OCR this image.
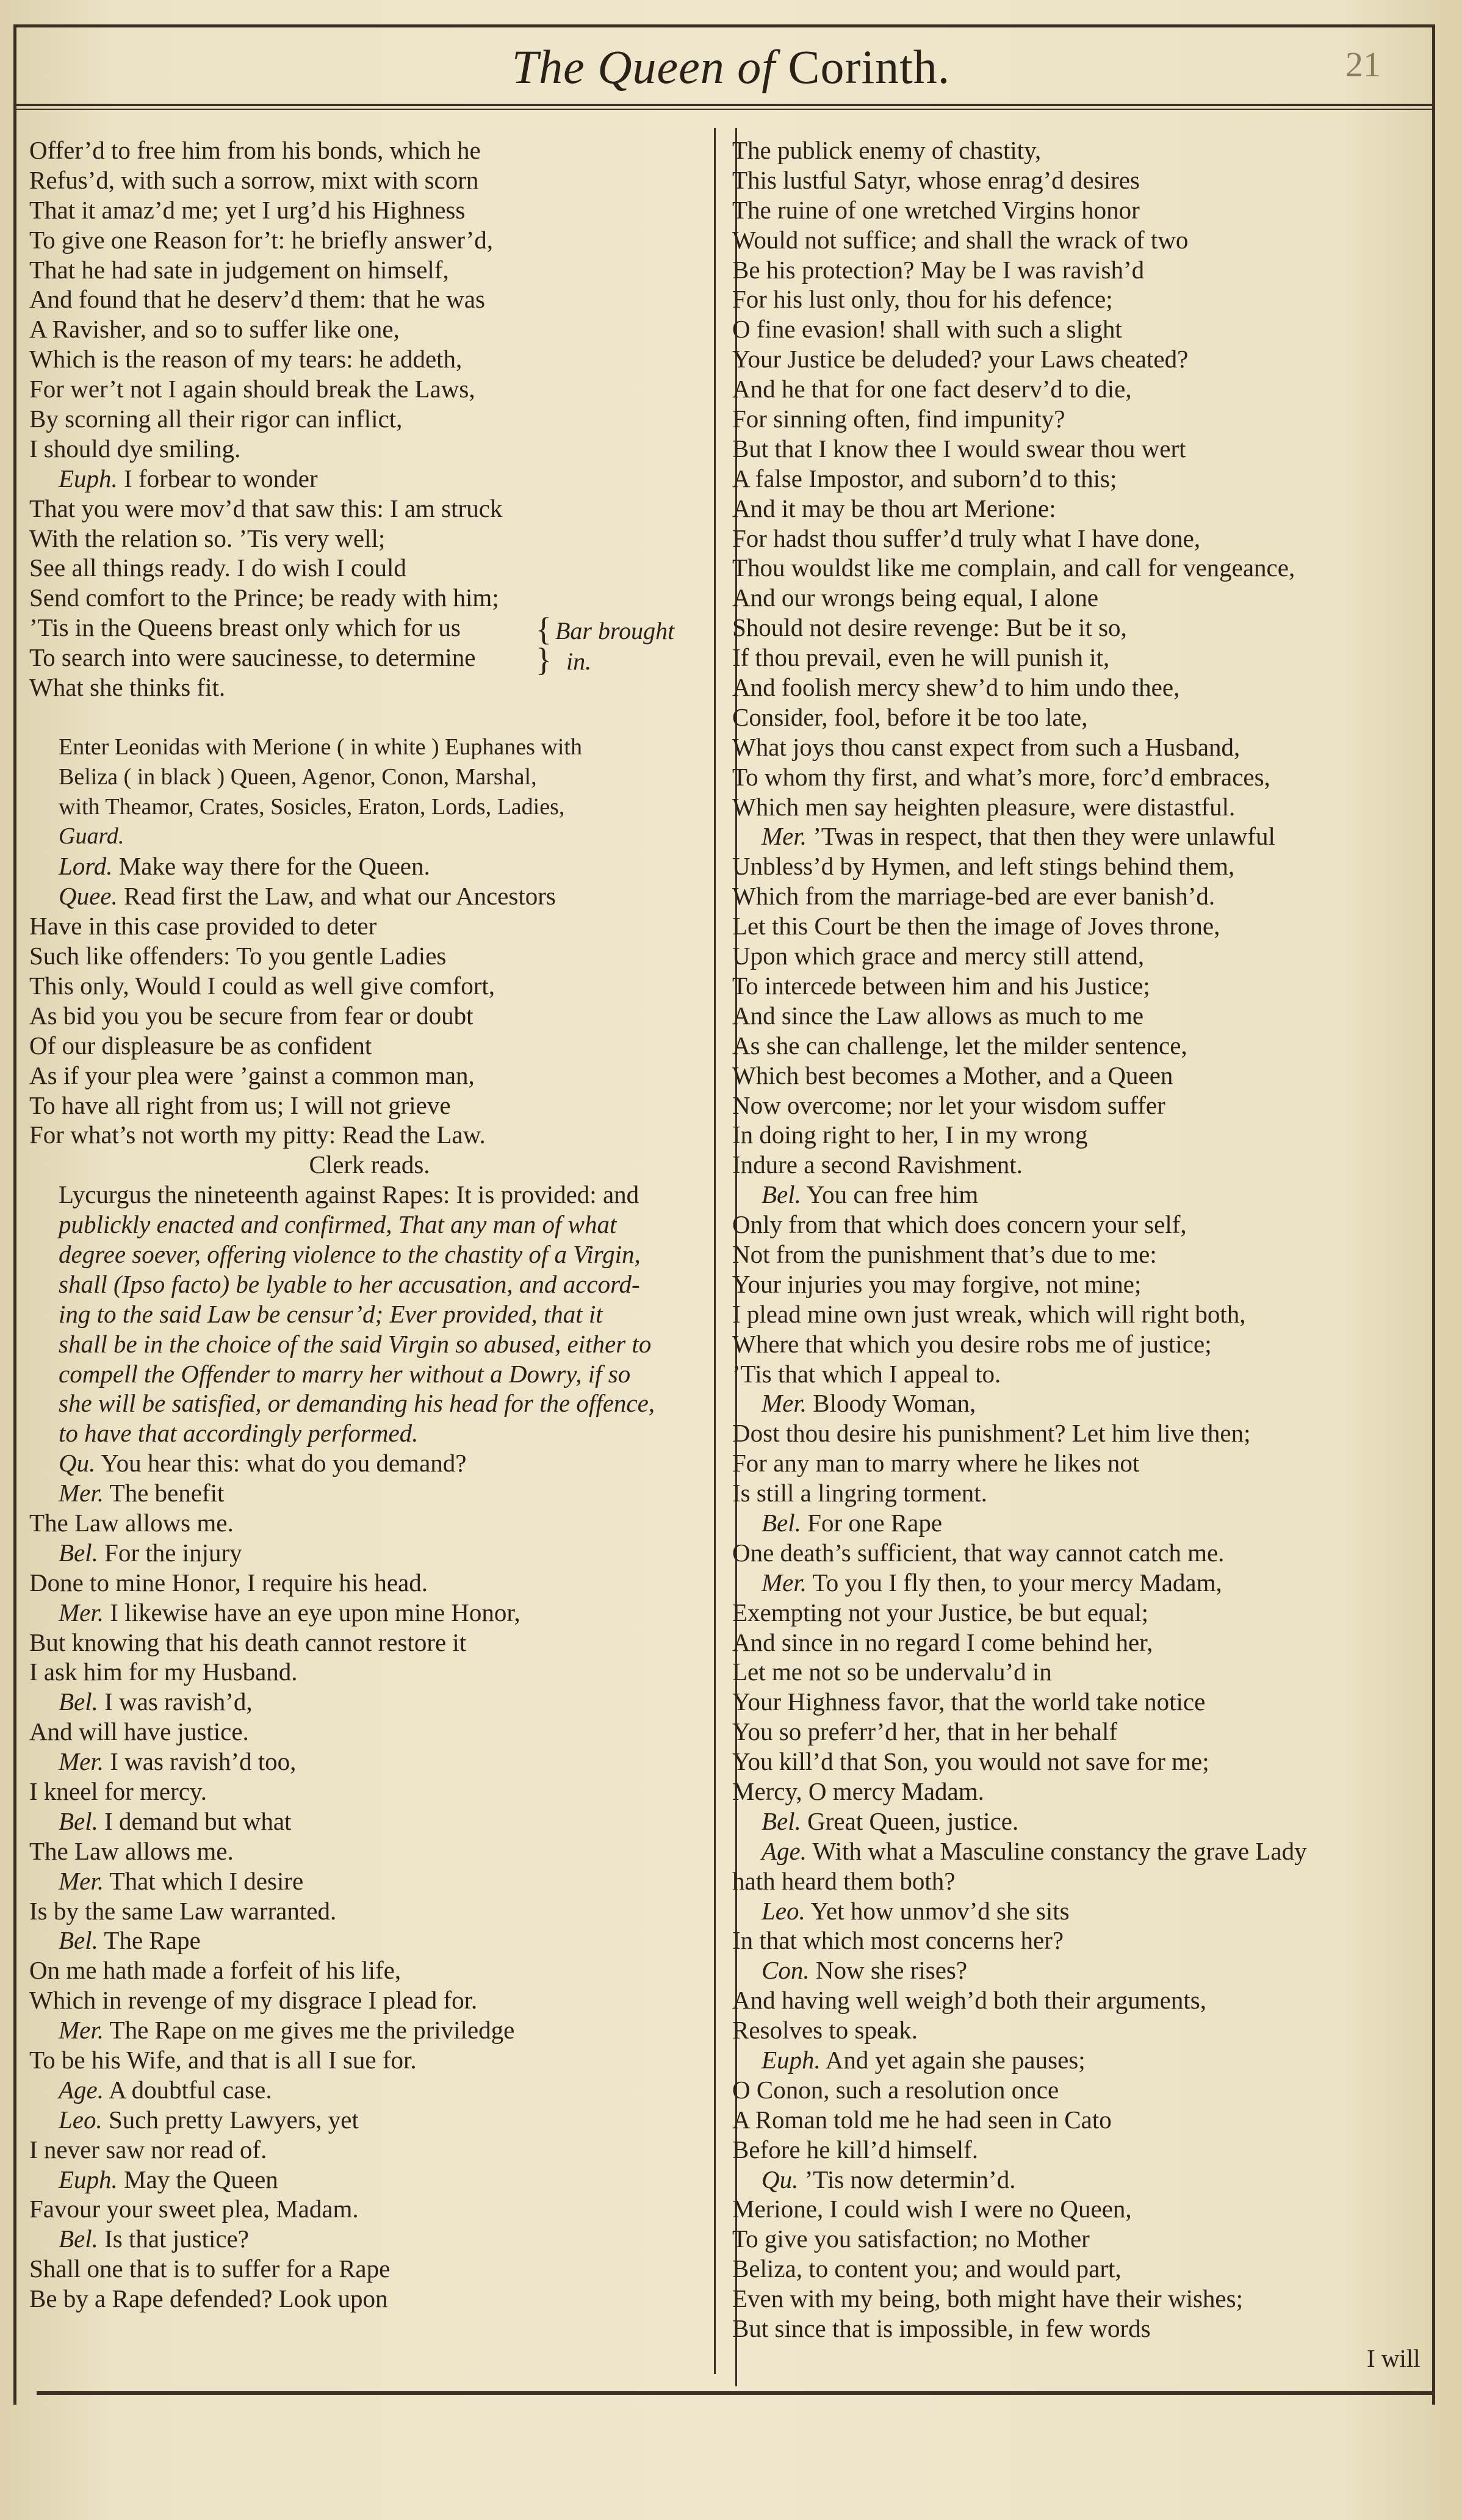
The Queen of Corinth.	21
Offer’d to free him from his bonds, which he
Refus’d, with such a sorrow, mixt with scorn
That it amaz’d me; yet I urg’d his Highness
To give one Reason for’t: he briefly answer’d,
That he had sate in judgement on himself,
And found that he deserv’d them: that he was
A Ravisher, and so to suffer like one,
Which is the reason of my tears: he addeth,
For wer’t not I again should break the Laws,
By scorning all their rigor can inflict,
I should dye smiling.
Euph. I forbear to wonder
That you were mov’d that saw this: I am struck
With the relation so. ’Tis very well;
See all things ready. I do wish I could
Send comfort to the Prince; be ready with him;
’Tis in the Queens breast only which for us
To search into were saucinesse, to determine
What she thinks fit.
Enter Leonidas with Merione ( in white ) Euphanes with
Beliza ( in black ) Queen, Agenor, Conon, Marshal,
with Theamor, Crates, Sosicles, Eraton, Lords, Ladies,
Guard.
Lord. Make way there for the Queen.
Quee. Read first the Law, and what our Ancestors
Have in this case provided to deter
Such like offenders: To you gentle Ladies
This only, Would I could as well give comfort,
As bid you you be secure from fear or doubt
Of our displeasure be as confident
As if your plea were ’gainst a common man,
To have all right from us; I will not grieve
For what’s not worth my pitty: Read the Law.
Clerk reads.
Lycurgus the nineteenth against Rapes: It is provided: and
publickly enacted and confirmed, That any man of what
degree soever, offering violence to the chastity of a Virgin,
shall (Ipso facto) be lyable to her accusation, and accord-
ing to the said Law be censur’d; Ever provided, that it
shall be in the choice of the said Virgin so abused, either to
compell the Offender to marry her without a Dowry, if so
she will be satisfied, or demanding his head for the offence,
to have that accordingly performed.
Qu. You hear this: what do you demand?
Mer. The benefit
The Law allows me.
Bel. For the injury
Done to mine Honor, I require his head.
Mer. I likewise have an eye upon mine Honor,
But knowing that his death cannot restore it
I ask him for my Husband.
Bel. I was ravish’d,
And will have justice.
Mer. I was ravish’d too,
I kneel for mercy.
Bel. I demand but what
The Law allows me.
Mer. That which I desire
Is by the same Law warranted.
Bel. The Rape
On me hath made a forfeit of his life,
Which in revenge of my disgrace I plead for.
Mer. The Rape on me gives me the priviledge
To be his Wife, and that is all I sue for.
Age. A doubtful case.
Leo. Such pretty Lawyers, yet
I never saw nor read of.
Euph. May the Queen
Favour your sweet plea, Madam.
Bel. Is that justice?
Shall one that is to suffer for a Rape
Be by a Rape defended? Look upon
The publick enemy of chastity,
This lustful Satyr, whose enrag’d desires
The ruine of one wretched Virgins honor
Would not suffice; and shall the wrack of two
Be his protection? May be I was ravish’d
For his lust only, thou for his defence;
O fine evasion! shall with such a slight
Your Justice be deluded? your Laws cheated?
And he that for one fact deserv’d to die,
For sinning often, find impunity?
But that I know thee I would swear thou wert
A false Impostor, and suborn’d to this;
And it may be thou art Merione:
For hadst thou suffer’d truly what I have done,
Thou wouldst like me complain, and call for vengeance,
And our wrongs being equal, I alone
Should not desire revenge: But be it so,
If thou prevail, even he will punish it,
And foolish mercy shew’d to him undo thee,
Consider, fool, before it be too late,
What joys thou canst expect from such a Husband,
To whom thy first, and what’s more, forc’d embraces,
Which men say heighten pleasure, were distastful.
Mer. ’Twas in respect, that then they were unlawful
Unbless’d by Hymen, and left stings behind them,
Which from the marriage-bed are ever banish’d.
Let this Court be then the image of Joves throne,
Upon which grace and mercy still attend,
To intercede between him and his Justice;
And since the Law allows as much to me
As she can challenge, let the milder sentence,
Which best becomes a Mother, and a Queen
Now overcome; nor let your wisdom suffer
In doing right to her, I in my wrong
Indure a second Ravishment.
Bel. You can free him
Only from that which does concern your self,
Not from the punishment that’s due to me:
Your injuries you may forgive, not mine;
I plead mine own just wreak, which will right both,
Where that which you desire robs me of justice;
’Tis that which I appeal to.
Mer. Bloody Woman,
Dost thou desire his punishment? Let him live then;
For any man to marry where he likes not
Is still a lingring torment.
Bel. For one Rape
One death’s sufficient, that way cannot catch me.
Mer. To you I fly then, to your mercy Madam,
Exempting not your Justice, be but equal;
And since in no regard I come behind her,
Let me not so be undervalu’d in
Your Highness favor, that the world take notice
You so preferr’d her, that in her behalf
You kill’d that Son, you would not save for me;
Mercy, O mercy Madam.
Bel. Great Queen, justice.
Age. With what a Masculine constancy the grave Lady
hath heard them both?
Leo. Yet how unmov’d she sits
In that which most concerns her?
Con. Now she rises?
And having well weigh’d both their arguments,
Resolves to speak.
Euph. And yet again she pauses;
O Conon, such a resolution once
A Roman told me he had seen in Cato
Before he kill’d himself.
Qu. ’Tis now determin’d.
Merione, I could wish I were no Queen,
To give you satisfaction; no Mother
Beliza, to content you; and would part,
Even with my being, both might have their wishes;
But since that is impossible, in few words
{ Bar brought
} in.
I will
